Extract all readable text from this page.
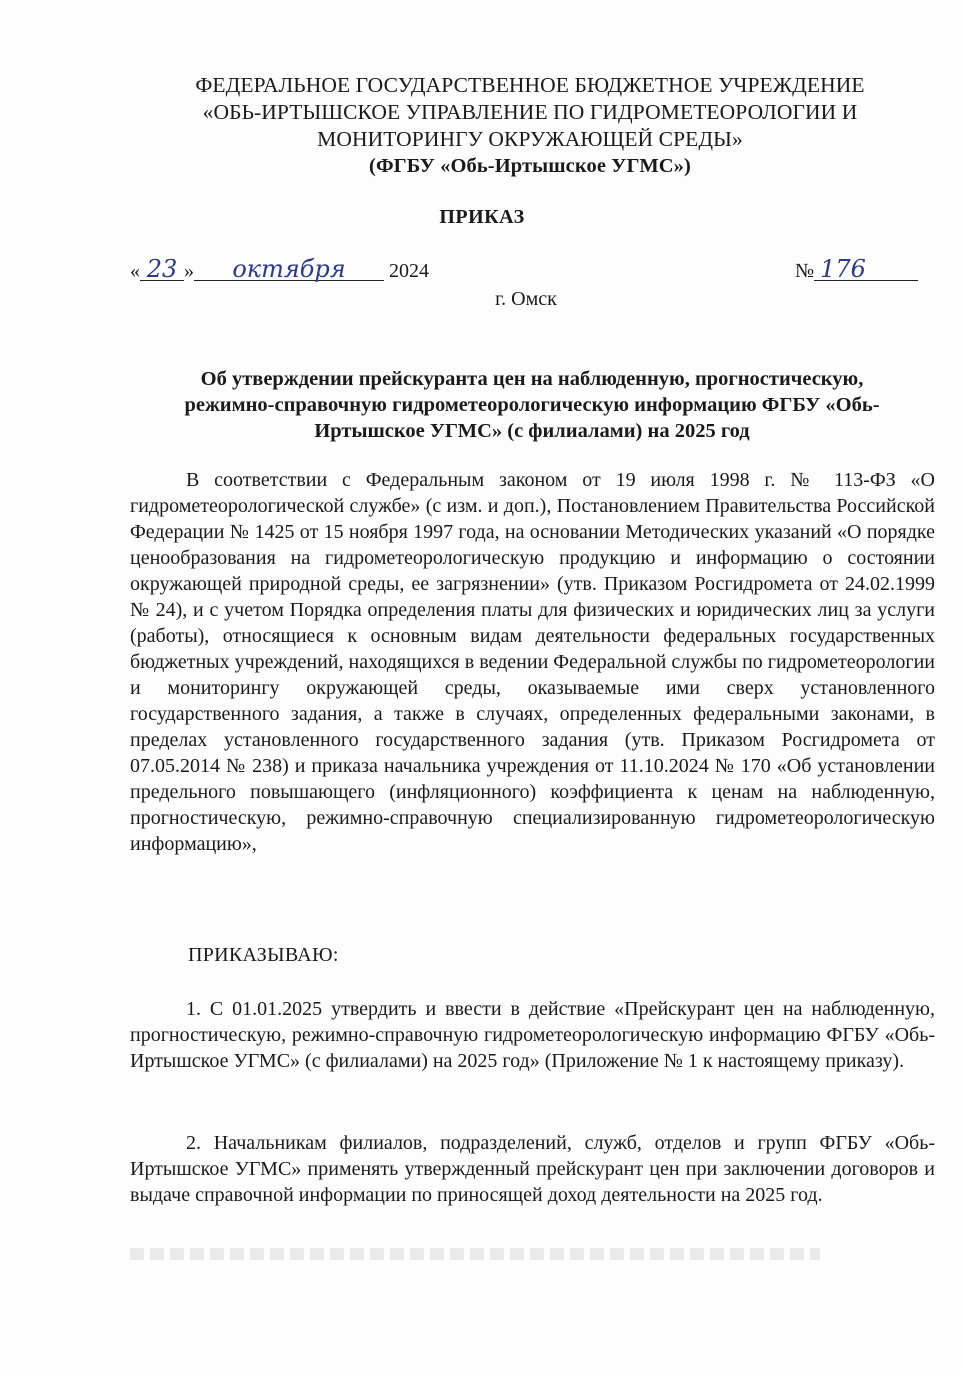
ФЕДЕРАЛЬНОЕ ГОСУДАРСТВЕННОЕ БЮДЖЕТНОЕ УЧРЕЖДЕНИЕ
«ОБЬ-ИРТЫШСКОЕ УПРАВЛЕНИЕ ПО ГИДРОМЕТЕОРОЛОГИИ И
МОНИТОРИНГУ ОКРУЖАЮЩЕЙ СРЕДЫ»
(ФГБУ «Обь-Иртышское УГМС»)
ПРИКАЗ
« 23 » октября 2024	№ 176
г. Омск
Об утверждении прейскуранта цен на наблюденную, прогностическую,
режимно-справочную гидрометеорологическую информацию ФГБУ «Обь-
Иртышское УГМС» (с филиалами) на 2025 год
В соответствии с Федеральным законом от 19 июля 1998 г. № 113-ФЗ «О гидрометеорологической службе» (с изм. и доп.), Постановлением Правительства Российской Федерации № 1425 от 15 ноября 1997 года, на основании Методических указаний «О порядке ценообразования на гидрометеорологическую продукцию и информацию о состоянии окружающей природной среды, ее загрязнении» (утв. Приказом Росгидромета от 24.02.1999 № 24), и с учетом Порядка определения платы для физических и юридических лиц за услуги (работы), относящиеся к основным видам деятельности федеральных государственных бюджетных учреждений, находящихся в ведении Федеральной службы по гидрометеорологии и мониторингу окружающей среды, оказываемые ими сверх установленного государственного задания, а также в случаях, определенных федеральными законами, в пределах установленного государственного задания (утв. Приказом Росгидромета от 07.05.2014 № 238) и приказа начальника учреждения от 11.10.2024 № 170 «Об установлении предельного повышающего (инфляционного) коэффициента к ценам на наблюденную, прогностическую, режимно-справочную специализированную гидрометеорологическую информацию»,
ПРИКАЗЫВАЮ:
1. С 01.01.2025 утвердить и ввести в действие «Прейскурант цен на наблюденную, прогностическую, режимно-справочную гидрометеорологическую информацию ФГБУ «Обь-Иртышское УГМС» (с филиалами) на 2025 год» (Приложение № 1 к настоящему приказу).
2. Начальникам филиалов, подразделений, служб, отделов и групп ФГБУ «Обь-Иртышское УГМС» применять утвержденный прейскурант цен при заключении договоров и выдаче справочной информации по приносящей доход деятельности на 2025 год.
